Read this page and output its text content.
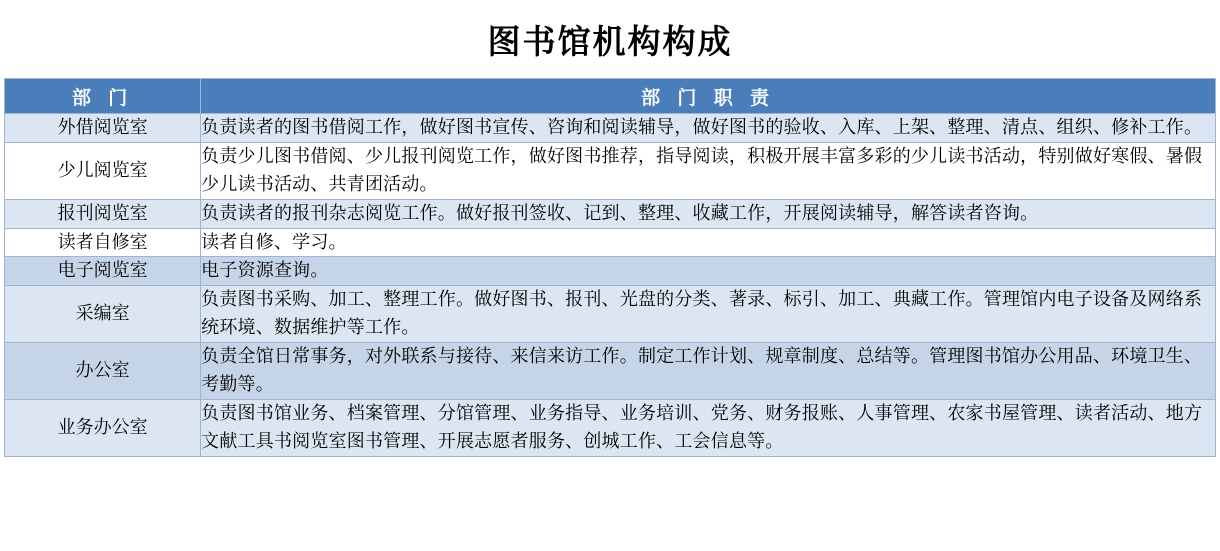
图书馆机构构成
部 门	部 门 职 责
外借阅览室	负责读者的图书借阅工作，做好图书宣传、咨询和阅读辅导，做好图书的验收、入库、上架、整理、清点、组织、修补工作。
少儿阅览室	负责少儿图书借阅、少儿报刊阅览工作，做好图书推荐，指导阅读，积极开展丰富多彩的少儿读书活动，特别做好寒假、暑假少儿读书活动、共青团活动。
报刊阅览室	负责读者的报刊杂志阅览工作。做好报刊签收、记到、整理、收藏工作，开展阅读辅导，解答读者咨询。
读者自修室	读者自修、学习。
电子阅览室	电子资源查询。
采编室	负责图书采购、加工、整理工作。做好图书、报刊、光盘的分类、著录、标引、加工、典藏工作。管理馆内电子设备及网络系统环境、数据维护等工作。
办公室	负责全馆日常事务，对外联系与接待、来信来访工作。制定工作计划、规章制度、总结等。管理图书馆办公用品、环境卫生、考勤等。
业务办公室	负责图书馆业务、档案管理、分馆管理、业务指导、业务培训、党务、财务报账、人事管理、农家书屋管理、读者活动、地方文献工具书阅览室图书管理、开展志愿者服务、创城工作、工会信息等。
